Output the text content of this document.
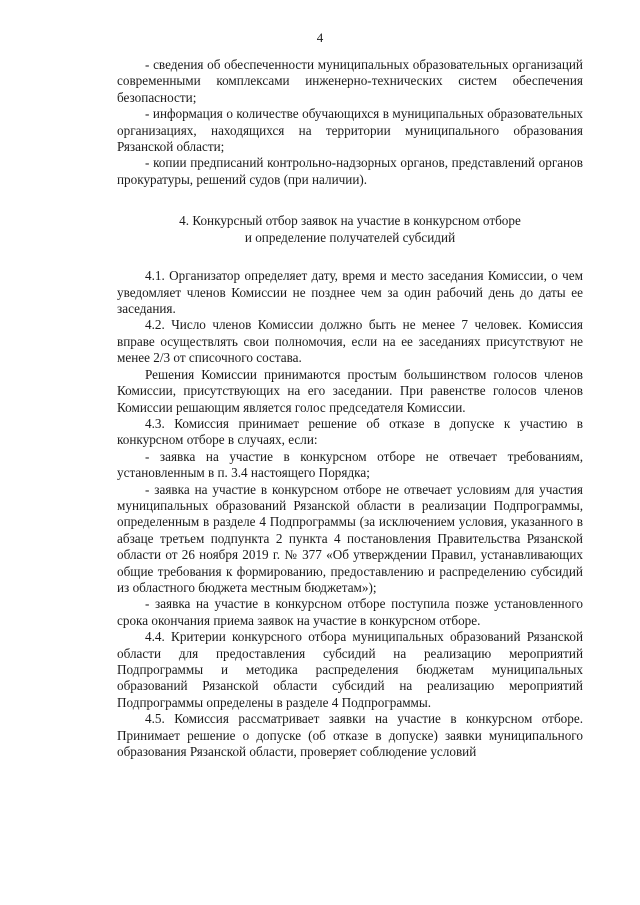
4

- сведения об обеспеченности муниципальных образовательных организаций современными комплексами инженерно-технических систем обеспечения безопасности;

- информация о количестве обучающихся в муниципальных образовательных организациях, находящихся на территории муниципального образования Рязанской области;

- копии предписаний контрольно-надзорных органов, представлений органов прокуратуры, решений судов (при наличии).

4. Конкурсный отбор заявок на участие в конкурсном отборе

и определение получателей субсидий

4.1. Организатор определяет дату, время и место заседания Комиссии, о чем уведомляет членов Комиссии не позднее чем за один рабочий день до даты ее заседания.

4.2. Число членов Комиссии должно быть не менее 7 человек. Комиссия вправе осуществлять свои полномочия, если на ее заседаниях присутствуют не менее 2/3 от списочного состава.

Решения Комиссии принимаются простым большинством голосов членов Комиссии, присутствующих на его заседании. При равенстве голосов членов Комиссии решающим является голос председателя Комиссии.

4.3. Комиссия принимает решение об отказе в допуске к участию в конкурсном отборе в случаях, если:

- заявка на участие в конкурсном отборе не отвечает требованиям, установленным в п. 3.4 настоящего Порядка;

- заявка на участие в конкурсном отборе не отвечает условиям для участия муниципальных образований Рязанской области в реализации Подпрограммы, определенным в разделе 4 Подпрограммы (за исключением условия, указанного в абзаце третьем подпункта 2 пункта 4 постановления Правительства Рязанской области от 26 ноября 2019 г. № 377 «Об утверждении Правил, устанавливающих общие требования к формированию, предоставлению и распределению субсидий из областного бюджета местным бюджетам»);

- заявка на участие в конкурсном отборе поступила позже установленного срока окончания приема заявок на участие в конкурсном отборе.

4.4. Критерии конкурсного отбора муниципальных образований Рязанской области для предоставления субсидий на реализацию мероприятий Подпрограммы и методика распределения бюджетам муниципальных образований Рязанской области субсидий на реализацию мероприятий Подпрограммы определены в разделе 4 Подпрограммы.

4.5. Комиссия рассматривает заявки на участие в конкурсном отборе. Принимает решение о допуске (об отказе в допуске) заявки муниципального образования Рязанской области, проверяет соблюдение условий
